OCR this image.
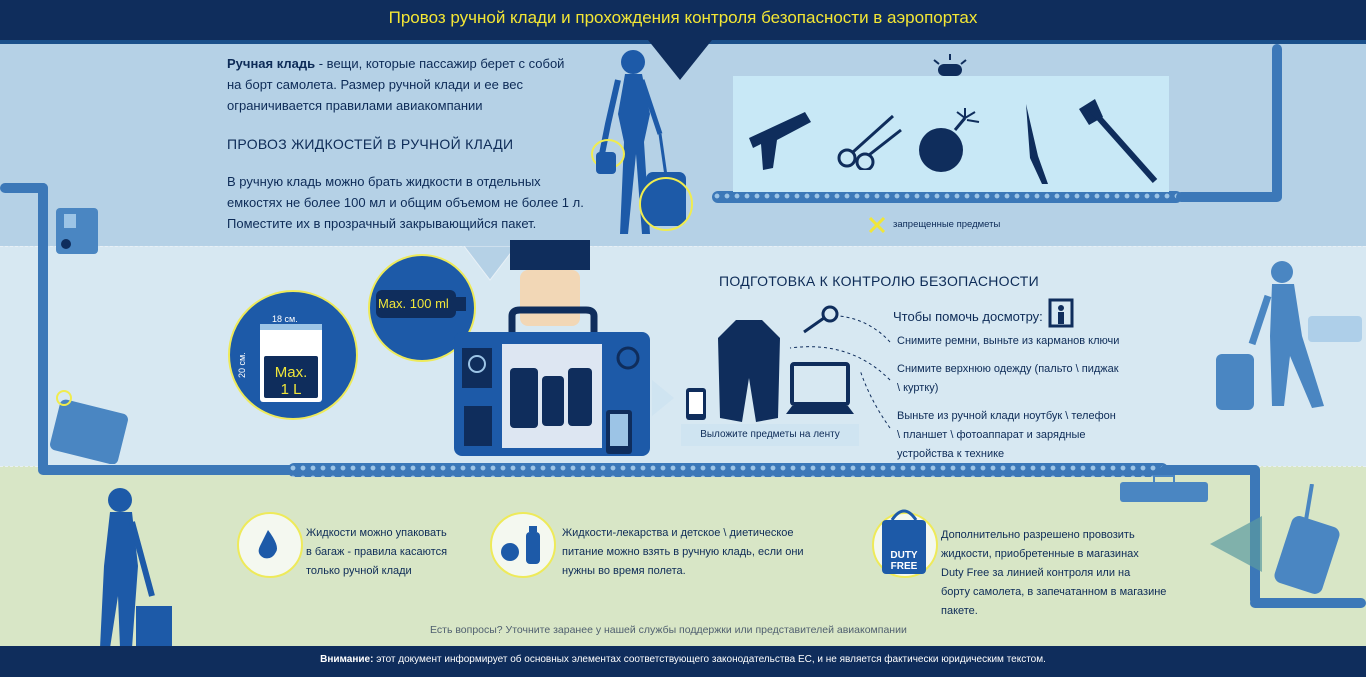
Провоз ручной клади и прохождения контроля безопасности в аэропортах
Ручная кладь - вещи, которые пассажир берет с собой
на борт самолета. Размер ручной клади и ее вес
ограничивается правилами авиакомпании
ПРОВОЗ ЖИДКОСТЕЙ В РУЧНОЙ КЛАДИ
В ручную кладь можно брать жидкости в отдельных
емкостях не более 100 мл и общим объемом не более 1 л.
Поместите их в прозрачный закрывающийся пакет.	запрещенные предметы
Max.
1 L
18 см.
20 см.
Max. 100 ml
Выложите предметы на ленту
ПОДГОТОВКА К КОНТРОЛЮ БЕЗОПАСНОСТИ
Чтобы помочь досмотру:
Снимите ремни, выньте из карманов ключи
Снимите верхнюю одежду (пальто \ пиджак
\ куртку)
Выньте из ручной клади ноутбук \ телефон
\ планшет \ фотоаппарат и зарядные
устройства к технике
Жидкости можно упаковать
в багаж - правила касаются
только ручной клади
Жидкости-лекарства и детское \ диетическое
питание можно взять в ручную кладь, если они
нужны во время полета.
DUTY
FREE
Дополнительно разрешено провозить
жидкости, приобретенные в магазинах
Duty Free за линией контроля или на
борту самолета, в запечатанном в магазине
пакете.
Есть вопросы? Уточните заранее у нашей службы поддержки или представителей авиакомпании
Внимание: этот документ информирует об основных элементах соответствующего законодательства ЕС, и не является фактически юридическим текстом.
